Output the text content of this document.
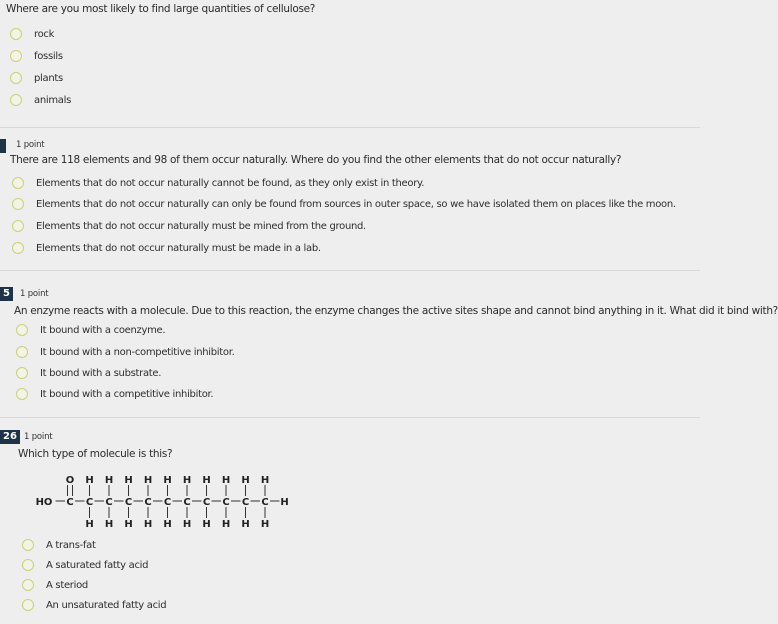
Where are you most likely to find large quantities of cellulose?
rock
fossils
plants
animals
1 point
There are 118 elements and 98 of them occur naturally. Where do you find the other elements that do not occur naturally?
Elements that do not occur naturally cannot be found, as they only exist in theory.
Elements that do not occur naturally can only be found from sources in outer space, so we have isolated them on places like the moon.
Elements that do not occur naturally must be mined from the ground.
Elements that do not occur naturally must be made in a lab.
5	1 point
An enzyme reacts with a molecule. Due to this reaction, the enzyme changes the active sites shape and cannot bind anything in it. What did it bind with?
It bound with a coenzyme.
It bound with a non-competitive inhibitor.
It bound with a substrate.
It bound with a competitive inhibitor.
26 1 point
Which type of molecule is this?
O H H H H H H H H H H
HO C C C C C C C C C C C H
H H H H H H H H H H
A trans-fat
A saturated fatty acid
A steriod
An unsaturated fatty acid
